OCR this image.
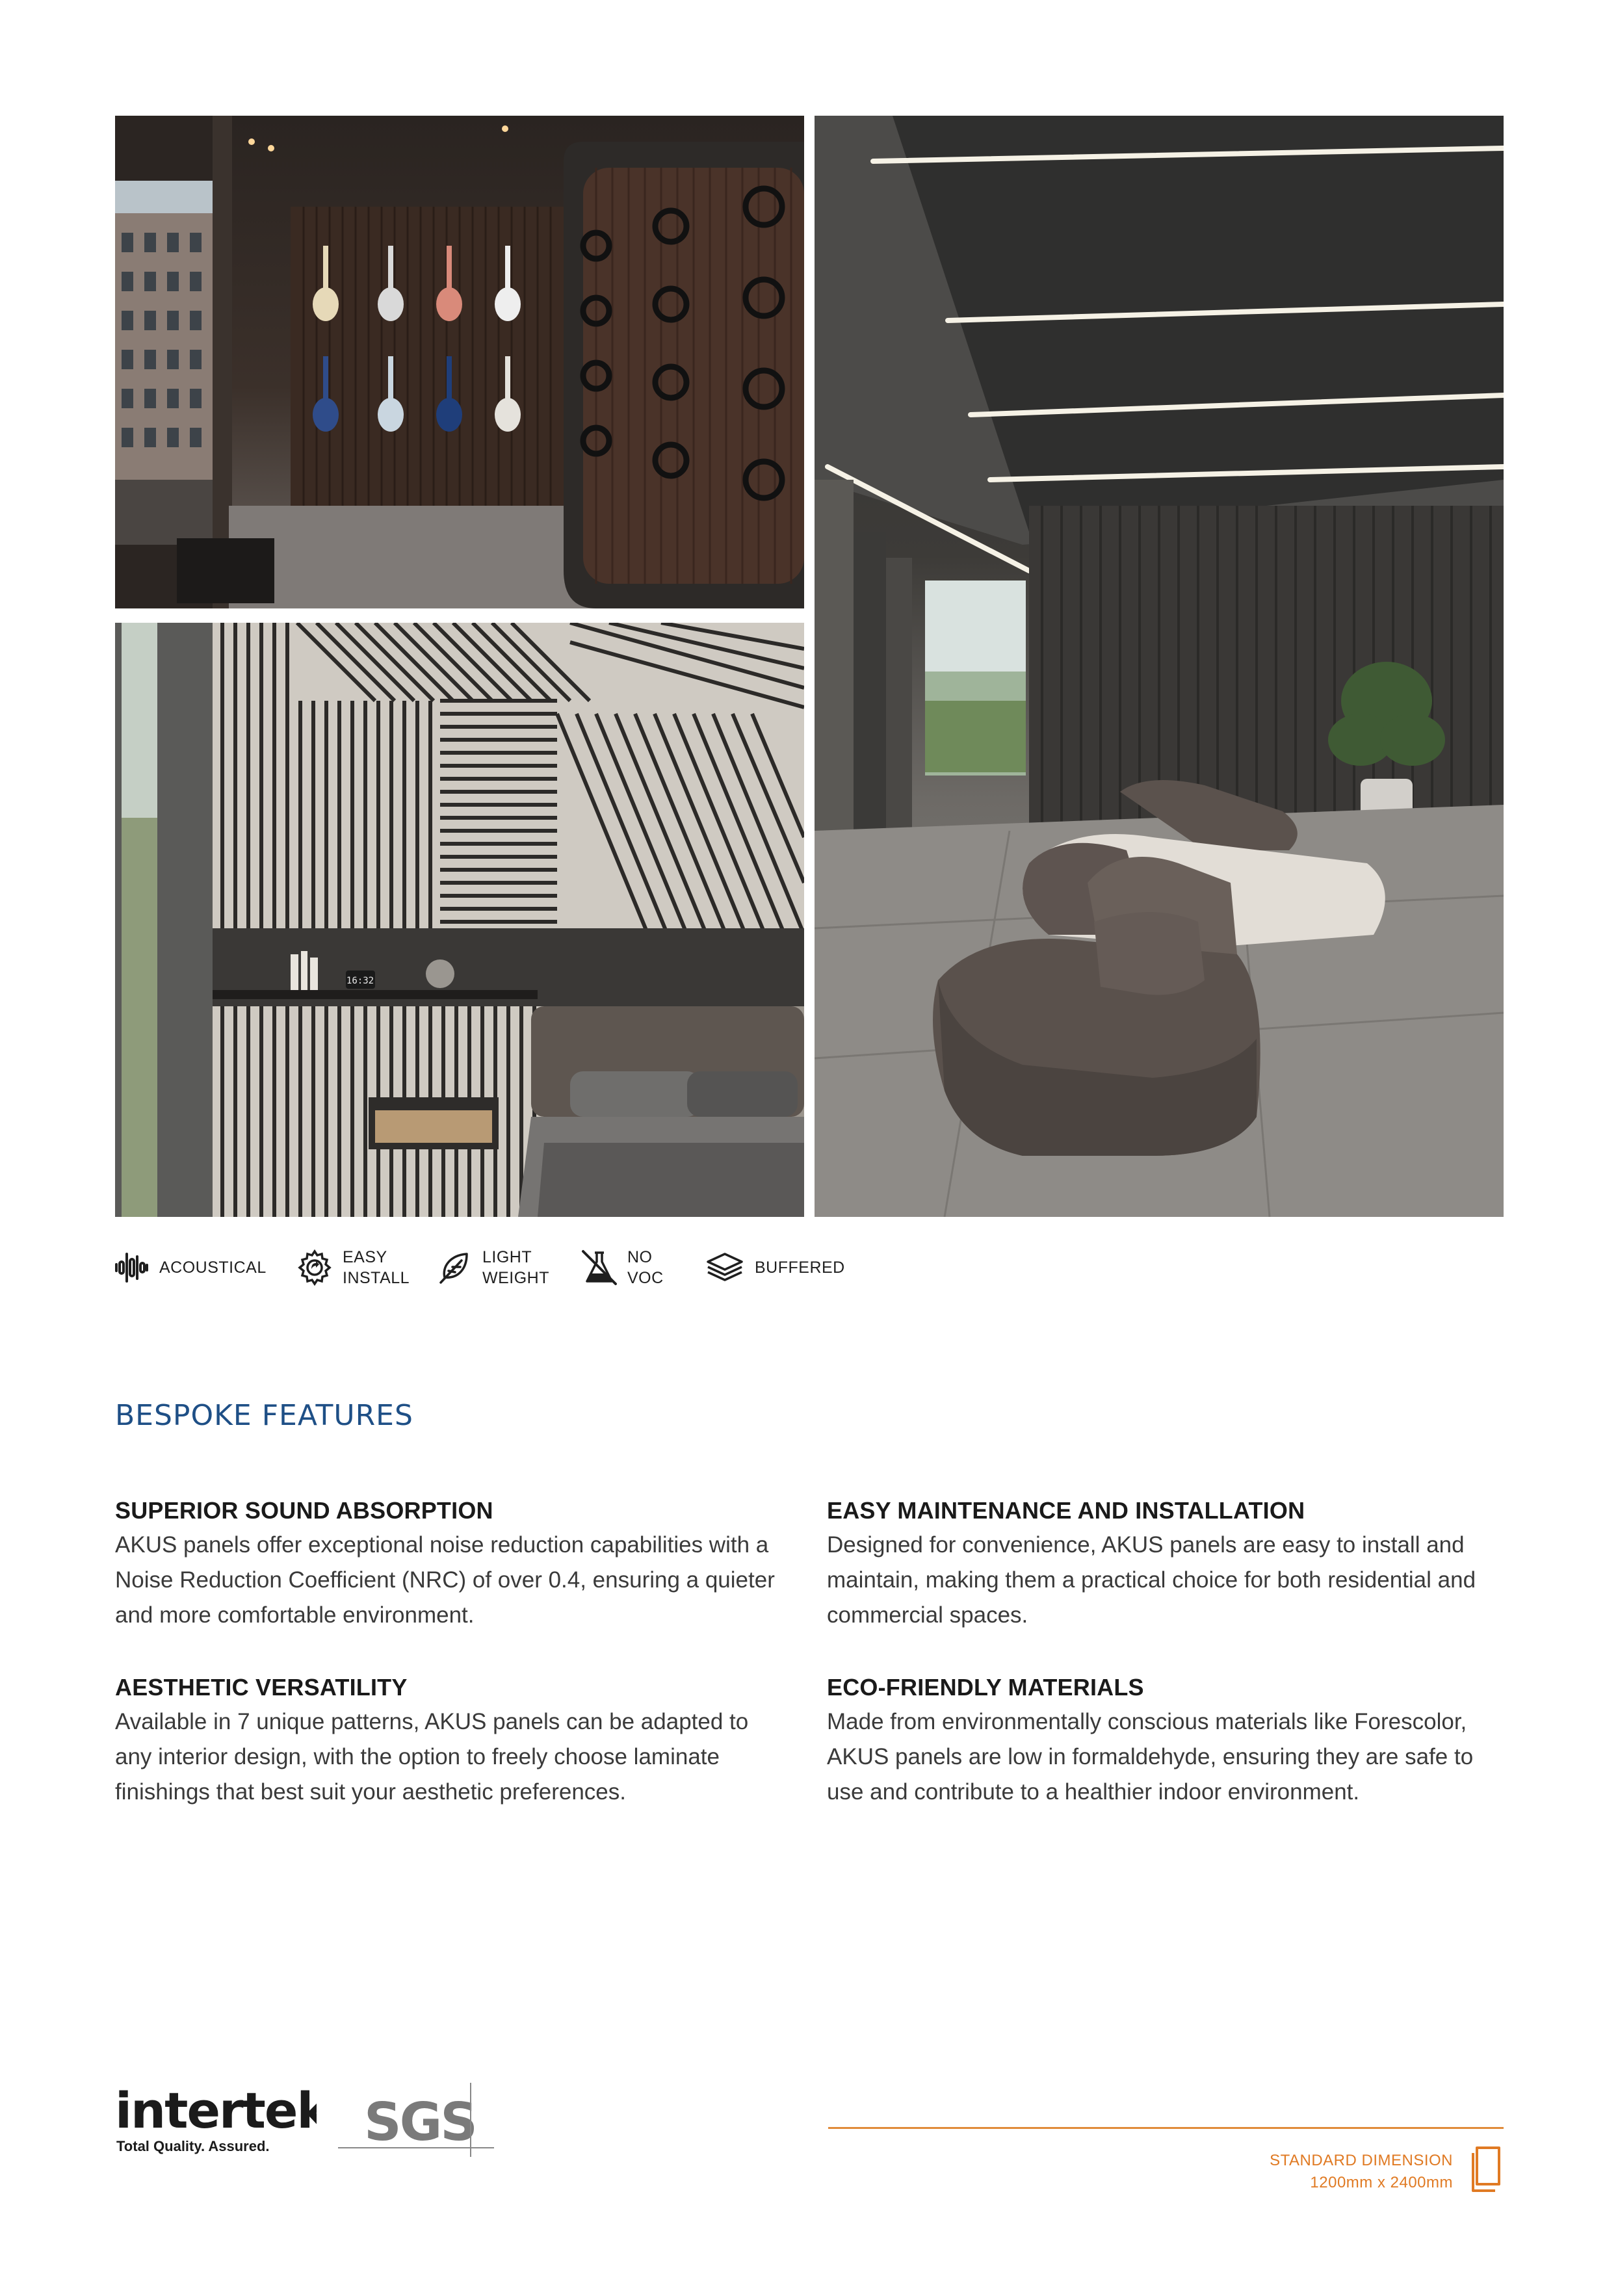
16:32
ACOUSTICAL
EASY
INSTALL
LIGHT
WEIGHT
NO
VOC
BUFFERED
BESPOKE FEATURES
SUPERIOR SOUND ABSORPTION

AKUS panels offer exceptional noise reduction capabilities with a Noise Reduction Coefficient (NRC) of over 0.4, ensuring a quieter and more comfortable environment.

EASY MAINTENANCE AND INSTALLATION

Designed for convenience, AKUS panels are easy to install and maintain, making them a practical choice for both residential and commercial spaces.

AESTHETIC VERSATILITY

Available in 7 unique patterns, AKUS panels can be adapted to any interior design, with the option to freely choose laminate finishings that best suit your aesthetic preferences.

ECO-FRIENDLY MATERIALS

Made from environmentally conscious materials like Forescolor, AKUS panels are low in formaldehyde, ensuring they are safe to use and contribute to a healthier indoor environment.

intertek
Total Quality. Assured. SGS
STANDARD DIMENSION
1200mm x 2400mm
